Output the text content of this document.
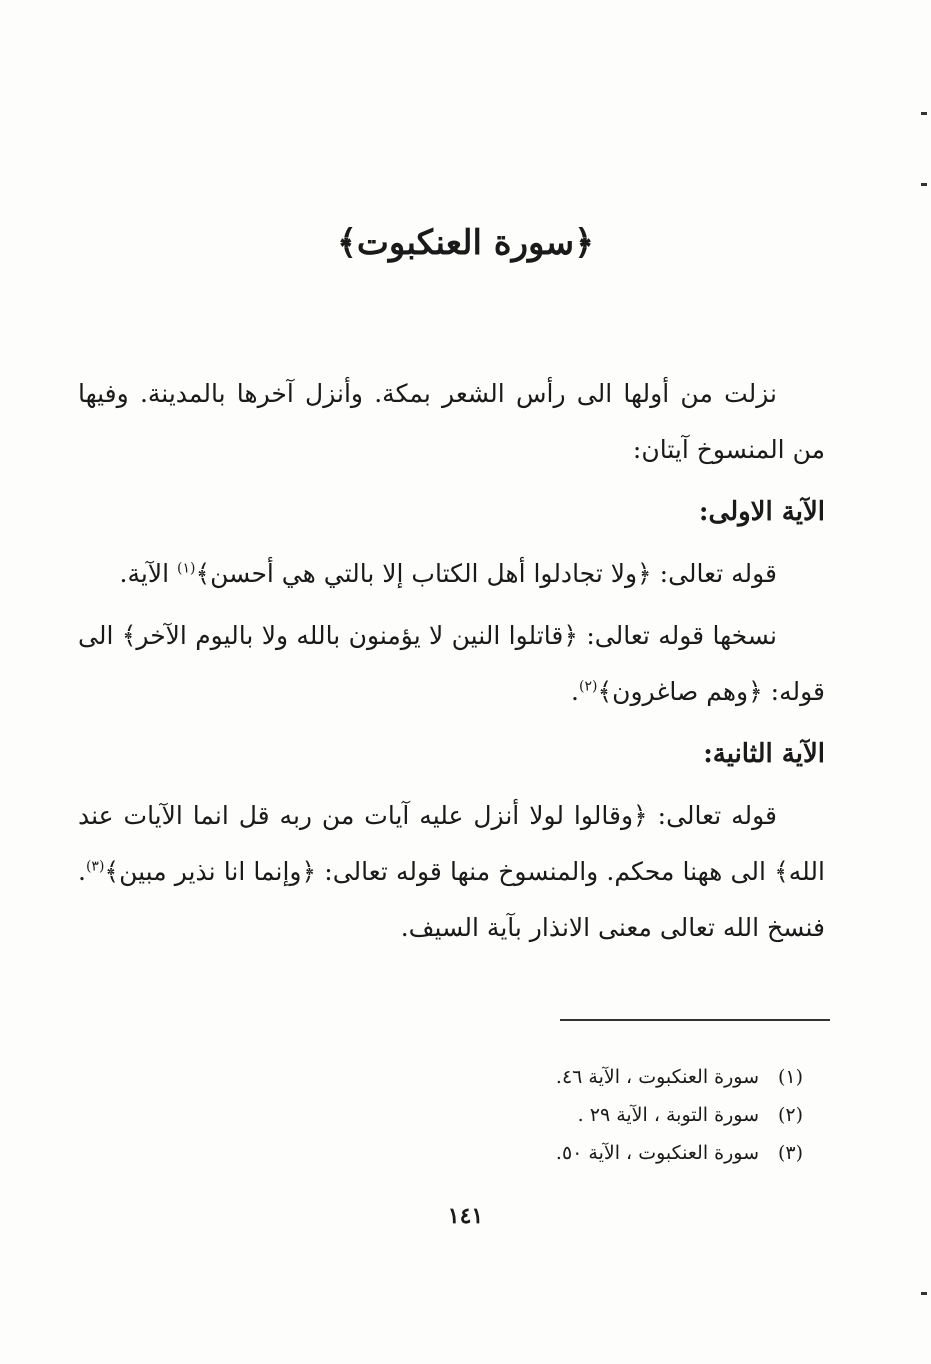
﴿سورة العنكبوت﴾

نزلت من أولها الى رأس الشعر بمكة. وأنزل آخرها بالمدينة. وفيها من المنسوخ آيتان:

الآية الاولى:

قوله تعالى: ﴿ولا تجادلوا أهل الكتاب إلا بالتي هي أحسن﴾$^{(١)}$ الآية.

نسخها قوله تعالى: ﴿قاتلوا النين لا يؤمنون بالله ولا باليوم الآخر﴾ الى قوله: ﴿وهم صاغرون﴾$^{(٢)}$.

الآية الثانية:

قوله تعالى: ﴿وقالوا لولا أنزل عليه آيات من ربه قل انما الآيات عند الله﴾ الى ههنا محكم. والمنسوخ منها قوله تعالى: ﴿وإنما انا نذير مبين﴾$^{(٣)}$. فنسخ الله تعالى معنى الانذار بآية السيف.

(١)
سورة العنكبوت ، الآية ٤٦.
(٢)
سورة التوبة ، الآية ٢٩ .
(٣)
سورة العنكبوت ، الآية ٥٠.
١٤١
